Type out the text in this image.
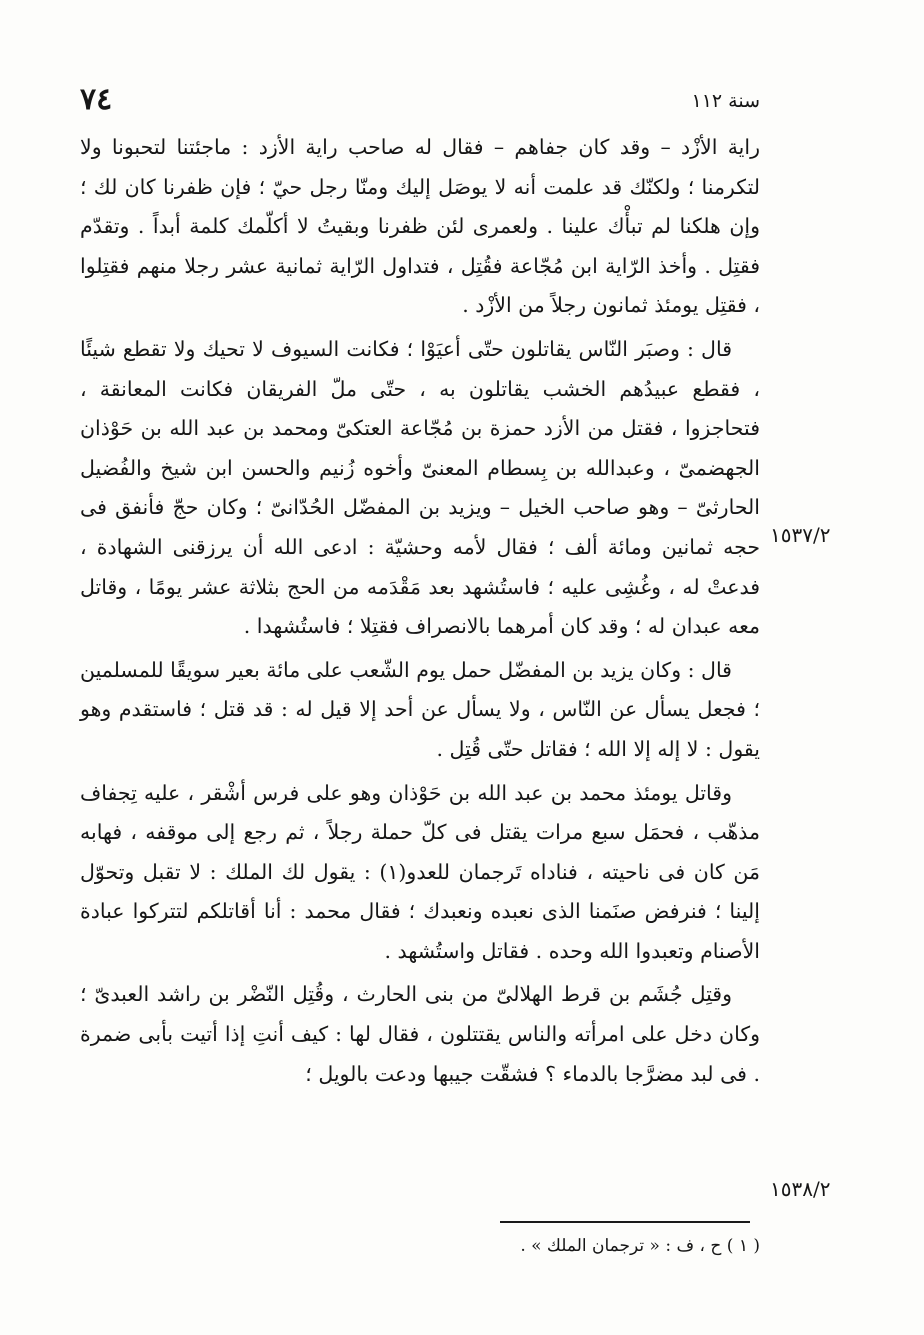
٧٤	سنة ١١٢

راية الأزْد – وقد كان جفاهم – فقال له صاحب راية الأزد : ماجئتنا لتحبونا ولا لتكرمنا ؛ ولكنّك قد علمت أنه لا يوصَل إليك ومنّا رجل حيّ ؛ فإن ظفرنا كان لك ؛ وإن هلكنا لم تبأْك علينا . ولعمرى لئن ظفرنا وبقيتُ لا أكلّمك كلمة أبداً . وتقدّم فقتِل . وأخذ الرّاية ابن مُجّاعة فقُتِل ، فتداول الرّاية ثمانية عشر رجلا منهم فقتِلوا ، فقتِل يومئذ ثمانون رجلاً من الأزْد .

قال : وصبَر النّاس يقاتلون حتّى أعيَوْا ؛ فكانت السيوف لا تحيك ولا تقطع شيئًا ، فقطع عبيدُهم الخشب يقاتلون به ، حتّى ملّ الفريقان فكانت المعانقة ، فتحاجزوا ، فقتل من الأزد حمزة بن مُجّاعة العتكىّ ومحمد بن عبد الله بن حَوْذان الجهضمىّ ، وعبدالله بن بِسطام المعنىّ وأخوه زُنيم والحسن ابن شيخ والفُضيل الحارثىّ – وهو صاحب الخيل – ويزيد بن المفضّل الحُدّانىّ ؛ وكان حجّ فأنفق فى حجه ثمانين ومائة ألف ؛ فقال لأمه وحشيّة : ادعى الله أن يرزقنى الشهادة ، فدعتْ له ، وغُشِى عليه ؛ فاستُشهد بعد مَقْدَمه من الحج بثلاثة عشر يومًا ، وقاتل معه عبدان له ؛ وقد كان أمرهما بالانصراف فقتِلا ؛ فاستُشهدا .

قال : وكان يزيد بن المفضّل حمل يوم الشّعب على مائة بعير سويقًا للمسلمين ؛ فجعل يسأل عن النّاس ، ولا يسأل عن أحد إلا قيل له : قد قتل ؛ فاستقدم وهو يقول : لا إله إلا الله ؛ فقاتل حتّى قُتِل .

وقاتل يومئذ محمد بن عبد الله بن حَوْذان وهو على فرس أشْقر ، عليه تِجفاف مذهّب ، فحمَل سبع مرات يقتل فى كلّ حملة رجلاً ، ثم رجع إلى موقفه ، فهابه مَن كان فى ناحيته ، فناداه تَرجمان للعدو(١) : يقول لك الملك : لا تقبل وتحوّل إلينا ؛ فنرفض صنَمنا الذى نعبده ونعبدك ؛ فقال محمد : أنا أقاتلكم لتتركوا عبادة الأصنام وتعبدوا الله وحده . فقاتل واستُشهد .

وقتِل جُشَم بن قرط الهلالىّ من بنى الحارث ، وقُتِل النّضْر بن راشد العبدىّ ؛ وكان دخل على امرأته والناس يقتتلون ، فقال لها : كيف أنتِ إذا أتيت بأبى ضمرة . فى لبد مضرَّجا بالدماء ؟ فشقّت جيبها ودعت بالويل ؛

١٥٣٧/٢
١٥٣٨/٢
( ١ ) ح ، ف : « ترجمان الملك » .
